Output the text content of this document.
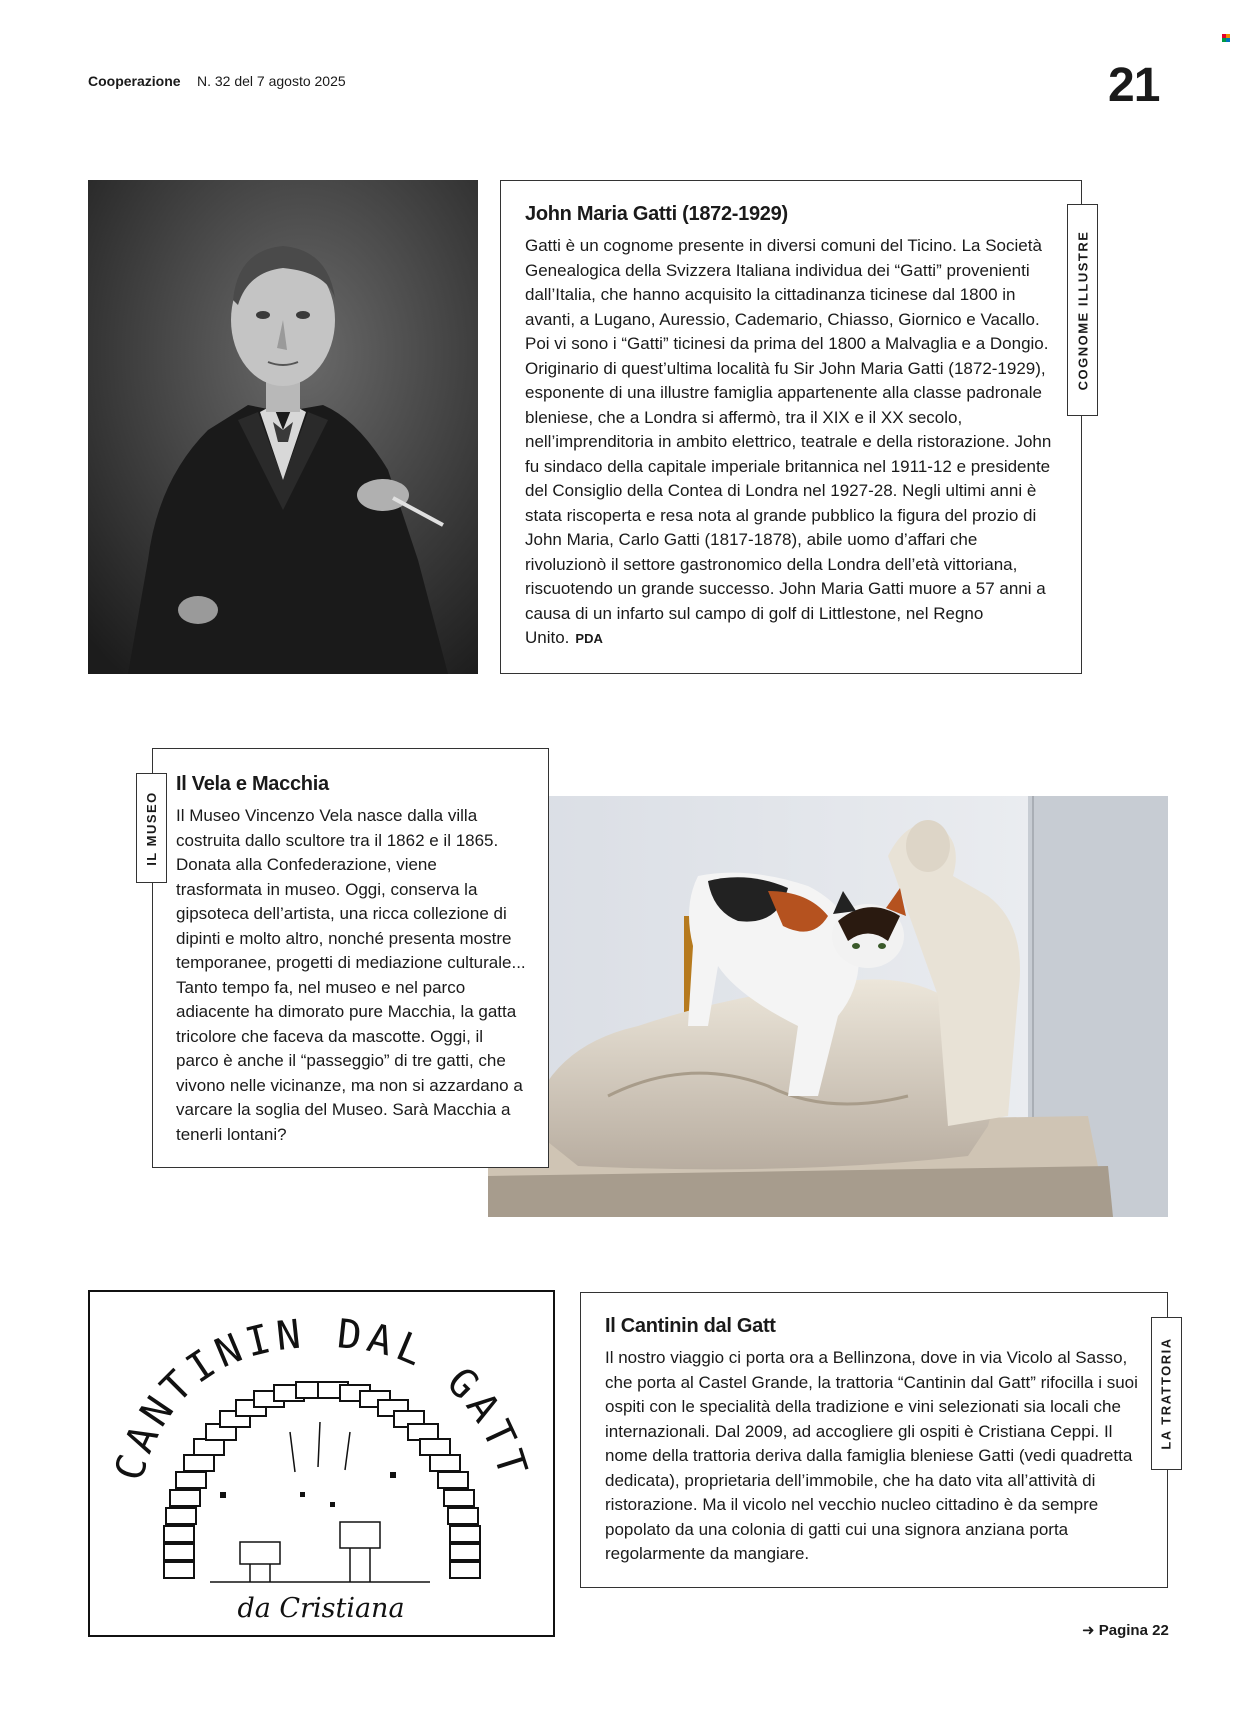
Cooperazione N. 32 del 7 agosto 2025	21
John Maria Gatti (1872-1929)

Gatti è un cognome presente in diversi comuni del Ticino. La Società Genealogica della Svizzera Italiana individua dei “Gatti” provenienti dall’Italia, che hanno acquisito la cittadinanza ticinese dal 1800 in avanti, a Lugano, Auressio, Cademario, Chiasso, Giornico e Vacallo. Poi vi sono i “Gatti” ticinesi da prima del 1800 a Malvaglia e a Dongio. Originario di quest’ultima località fu Sir John Maria Gatti (1872-1929), esponente di una illustre famiglia appartenente alla classe padronale bleniese, che a Londra si affermò, tra il XIX e il XX secolo, nell’imprenditoria in ambito elettrico, teatrale e della ristorazione. John fu sindaco della capitale imperiale britannica nel 1911-12 e presidente del Consiglio della Contea di Londra nel 1927-28. Negli ultimi anni è stata riscoperta e resa nota al grande pubblico la figura del prozio di John Maria, Carlo Gatti (1817-1878), abile uomo d’affari che rivoluzionò il settore gastronomico della Londra dell’età vittoriana, riscuotendo un grande successo. John Maria Gatti muore a 57 anni a causa di un infarto sul campo di golf di Littlestone, nel Regno Unito. PDA

COGNOME ILLUSTRE
Il Vela e Macchia

Il Museo Vincenzo Vela nasce dalla villa costruita dallo scultore tra il 1862 e il 1865. Donata alla Confederazione, viene trasformata in museo. Oggi, conserva la gipsoteca dell’artista, una ricca collezione di dipinti e molto altro, nonché presenta mostre temporanee, progetti di mediazione culturale... Tanto tempo fa, nel museo e nel parco adiacente ha dimorato pure Macchia, la gatta tricolore che faceva da mascotte. Oggi, il parco è anche il “passeggio” di tre gatti, che vivono nelle vicinanze, ma non si azzardano a varcare la soglia del Museo. Sarà Macchia a tenerli lontani?

IL MUSEO
CANTININ DAL GATT
da Cristiana
Il Cantinin dal Gatt

Il nostro viaggio ci porta ora a Bellinzona, dove in via Vicolo al Sasso, che porta al Castel Grande, la trattoria “Cantinin dal Gatt” rifocilla i suoi ospiti con le specialità della tradizione e vini selezionati sia locali che internazionali. Dal 2009, ad accogliere gli ospiti è Cristiana Ceppi. Il nome della trattoria deriva dalla famiglia bleniese Gatti (vedi quadretta dedicata), proprietaria dell’immobile, che ha dato vita all’attività di ristorazione. Ma il vicolo nel vecchio nucleo cittadino è da sempre popolato da una colonia di gatti cui una signora anziana porta regolarmente da mangiare.

LA TRATTORIA
➜ Pagina 22
